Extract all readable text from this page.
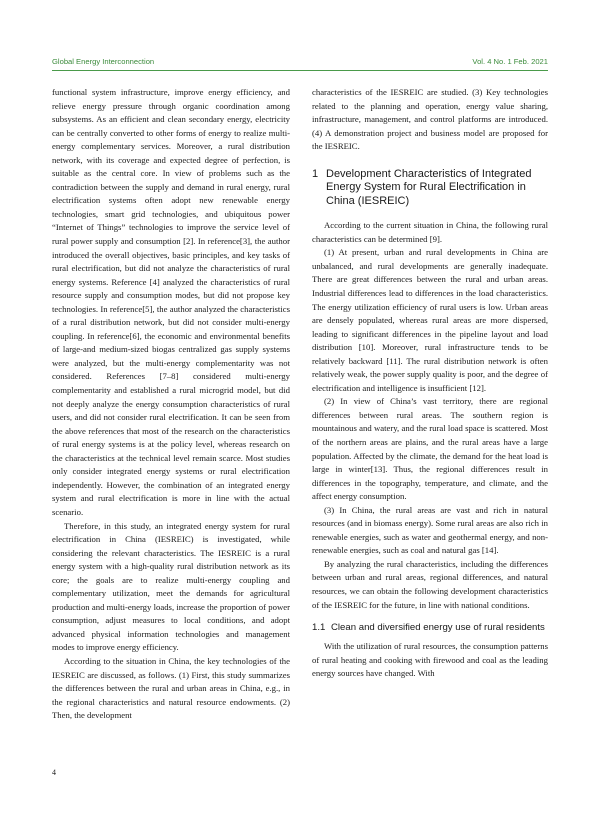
Global Energy Interconnection	Vol. 4 No. 1 Feb. 2021

functional system infrastructure, improve energy efficiency, and relieve energy pressure through organic coordination among subsystems. As an efficient and clean secondary energy, electricity can be centrally converted to other forms of energy to realize multi-energy complementary services. Moreover, a rural distribution network, with its coverage and expected degree of perfection, is suitable as the central core. In view of problems such as the contradiction between the supply and demand in rural energy, rural electrification systems often adopt new renewable energy technologies, smart grid technologies, and ubiquitous power “Internet of Things” technologies to improve the service level of rural power supply and consumption [2]. In reference[3], the author introduced the overall objectives, basic principles, and key tasks of rural electrification, but did not analyze the characteristics of rural energy systems. Reference [4] analyzed the characteristics of rural resource supply and consumption modes, but did not propose key technologies. In reference[5], the author analyzed the characteristics of a rural distribution network, but did not consider multi-energy coupling. In reference[6], the economic and environmental benefits of large-and medium-sized biogas centralized gas supply systems were analyzed, but the multi-energy complementarity was not considered. References [7–8] considered multi-energy complementarity and established a rural microgrid model, but did not deeply analyze the energy consumption characteristics of rural users, and did not consider rural electrification. It can be seen from the above references that most of the research on the characteristics of rural energy systems is at the policy level, whereas research on the characteristics at the technical level remain scarce. Most studies only consider integrated energy systems or rural electrification independently. However, the combination of an integrated energy system and rural electrification is more in line with the actual scenario.

Therefore, in this study, an integrated energy system for rural electrification in China (IESREIC) is investigated, while considering the relevant characteristics. The IESREIC is a rural energy system with a high-quality rural distribution network as its core; the goals are to realize multi-energy coupling and complementary utilization, meet the demands for agricultural production and multi-energy loads, increase the proportion of power consumption, adjust measures to local conditions, and adopt advanced physical information technologies and management modes to improve energy efficiency.

According to the situation in China, the key technologies of the IESREIC are discussed, as follows. (1) First, this study summarizes the differences between the rural and urban areas in China, e.g., in the regional characteristics and natural resource endowments. (2) Then, the development

characteristics of the IESREIC are studied. (3) Key technologies related to the planning and operation, energy value sharing, infrastructure, management, and control platforms are introduced. (4) A demonstration project and business model are proposed for the IESREIC.

1 Development Characteristics of Integrated Energy System for Rural Electrification in China (IESREIC)

According to the current situation in China, the following rural characteristics can be determined [9].

(1) At present, urban and rural developments in China are unbalanced, and rural developments are generally inadequate. There are great differences between the rural and urban areas. Industrial differences lead to differences in the load characteristics. The energy utilization efficiency of rural users is low. Urban areas are densely populated, whereas rural areas are more dispersed, leading to significant differences in the pipeline layout and load distribution [10]. Moreover, rural infrastructure tends to be relatively backward [11]. The rural distribution network is often relatively weak, the power supply quality is poor, and the degree of electrification and intelligence is insufficient [12].

(2) In view of China’s vast territory, there are regional differences between rural areas. The southern region is mountainous and watery, and the rural load space is scattered. Most of the northern areas are plains, and the rural areas have a large population. Affected by the climate, the demand for the heat load is large in winter[13]. Thus, the regional differences result in differences in the topography, temperature, and climate, and the affect energy consumption.

(3) In China, the rural areas are vast and rich in natural resources (and in biomass energy). Some rural areas are also rich in renewable energies, such as water and geothermal energy, and non-renewable energies, such as coal and natural gas [14].

By analyzing the rural characteristics, including the differences between urban and rural areas, regional differences, and natural resources, we can obtain the following development characteristics of the IESREIC for the future, in line with national conditions.

1.1 Clean and diversified energy use of rural residents

With the utilization of rural resources, the consumption patterns of rural heating and cooking with firewood and coal as the leading energy sources have changed. With

4
